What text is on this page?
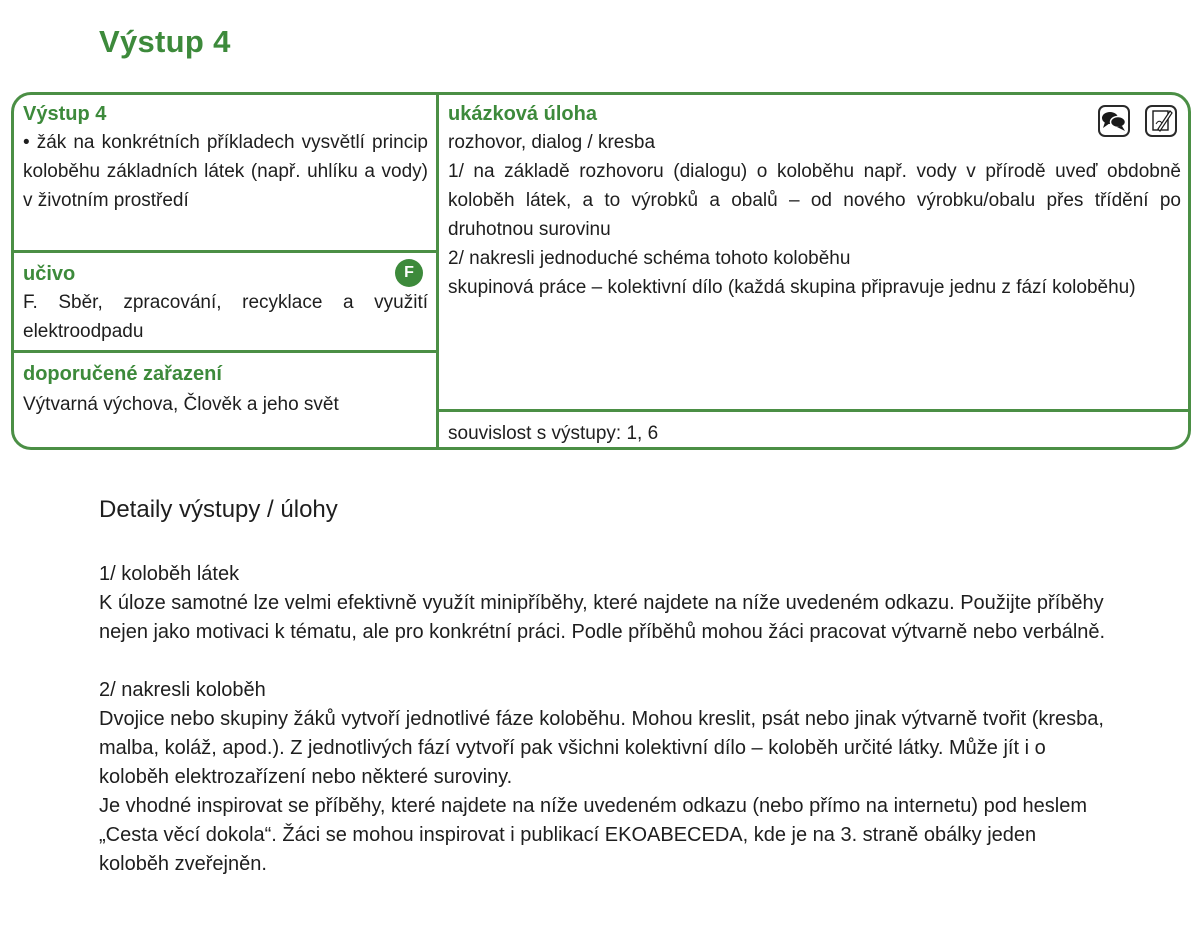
Výstup 4
Výstup 4

• žák na konkrétních příkladech vysvětlí princip koloběhu základních látek (např. uhlíku a vody) v životním prostředí

učivo

F. Sběr, zpracování, recyklace a využití elektroodpadu

F
doporučené zařazení

Výtvarná výchova, Člověk a jeho svět

ukázková úloha

rozhovor, dialog / kresba

1/ na základě rozhovoru (dialogu) o koloběhu např. vody v přírodě uveď obdobně koloběh látek, a to výrobků a obalů – od nového výrobku/obalu přes třídění po druhotnou surovinu

2/ nakresli jednoduché schéma tohoto koloběhu

skupinová práce – kolektivní dílo (každá skupina připravuje jednu z fází koloběhu)

souvislost s výstupy: 1, 6

Detaily výstupy / úlohy

1/ koloběh látek

K úloze samotné lze velmi efektivně využít minipříběhy, které najdete na níže uvedeném odkazu. Použijte příběhy nejen jako motivaci k tématu, ale pro konkrétní práci. Podle příběhů mohou žáci pracovat výtvarně nebo verbálně.

2/ nakresli koloběh

Dvojice nebo skupiny žáků vytvoří jednotlivé fáze koloběhu. Mohou kreslit, psát nebo jinak výtvarně tvořit (kresba, malba, koláž, apod.). Z jednotlivých fází vytvoří pak všichni kolektivní dílo – koloběh určité látky. Může jít i o koloběh elektrozařízení nebo některé suroviny.

Je vhodné inspirovat se příběhy, které najdete na níže uvedeném odkazu (nebo přímo na internetu) pod heslem „Cesta věcí dokola“. Žáci se mohou inspirovat i publikací EKOABECEDA, kde je na 3. straně obálky jeden koloběh zveřejněn.
